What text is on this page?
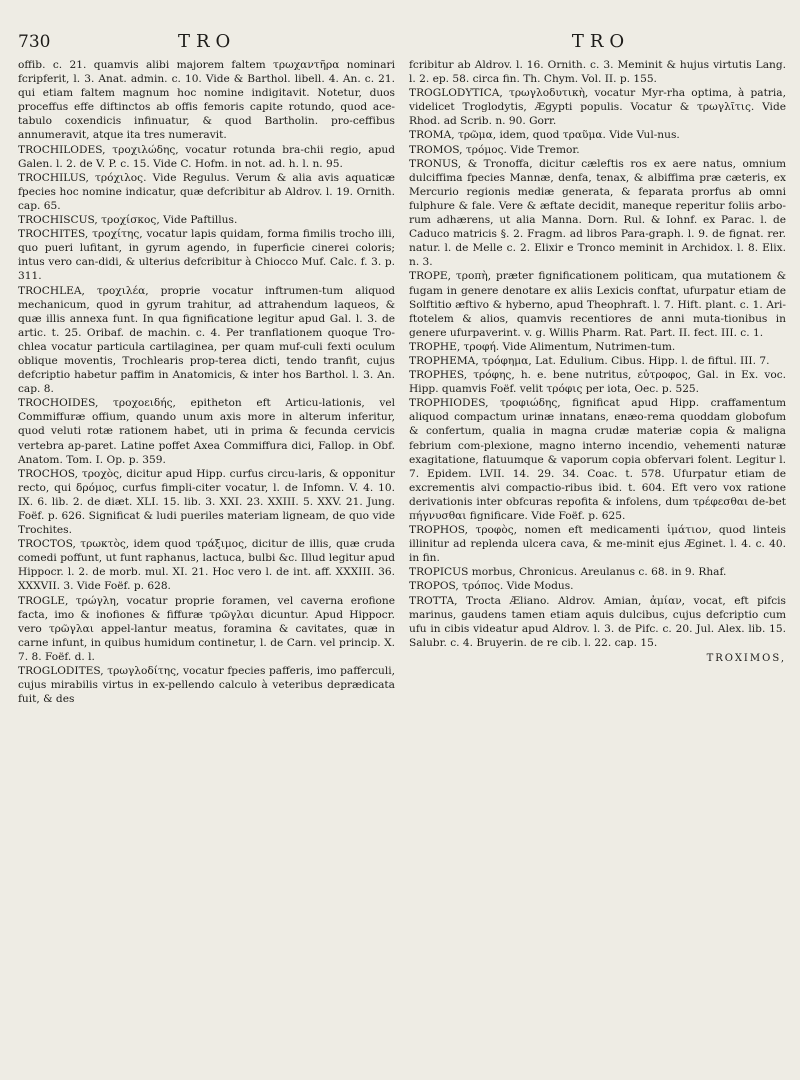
730	TRO	TRO

offib. c. 21. quamvis alibi majorem faltem τρωχαντῆρα nominari fcripferit, l. 3. Anat. admin. c. 10. Vide & Barthol. libell. 4. An. c. 21. qui etiam faltem magnum hoc nomine indigitavit. Notetur, duos proceffus effe diftinctos ab offis femoris capite rotundo, quod ace-tabulo coxendicis infinuatur, & quod Bartholin. pro-ceffibus annumeravit, atque ita tres numeravit.

TROCHILODES, τροχιλώδης, vocatur rotunda bra-chii regio, apud Galen. l. 2. de V. P. c. 15. Vide C. Hofm. in not. ad. h. l. n. 95.

TROCHILUS, τρόχιλος. Vide Regulus. Verum & alia avis aquaticæ fpecies hoc nomine indicatur, quæ defcribitur ab Aldrov. l. 19. Ornith. cap. 65.

TROCHISCUS, τροχίσκος, Vide Paftillus.

TROCHITES, τροχίτης, vocatur lapis quidam, forma fimilis trocho illi, quo pueri lufitant, in gyrum agendo, in fuperficie cinerei coloris; intus vero can-didi, & ulterius defcribitur à Chiocco Muf. Calc. f. 3. p. 311.

TROCHLEA, τροχιλέα, proprie vocatur inftrumen-tum aliquod mechanicum, quod in gyrum trahitur, ad attrahendum laqueos, & quæ illis annexa funt. In qua fignificatione legitur apud Gal. l. 3. de artic. t. 25. Oribaf. de machin. c. 4. Per tranflationem quoque Tro-chlea vocatur particula cartilaginea, per quam muf-culi fexti oculum oblique moventis, Trochlearis prop-terea dicti, tendo tranfit, cujus defcriptio habetur paffim in Anatomicis, & inter hos Barthol. l. 3. An. cap. 8.

TROCHOIDES, τροχοειδής, epitheton eft Articu-lationis, vel Commiffuræ offium, quando unum axis more in alterum inferitur, quod veluti rotæ rationem habet, uti in prima & fecunda cervicis vertebra ap-paret. Latine poffet Axea Commiffura dici, Fallop. in Obf. Anatom. Tom. I. Op. p. 359.

TROCHOS, τροχὸς, dicitur apud Hipp. curfus circu-laris, & opponitur recto, qui δρόμος, curfus fimpli-citer vocatur, l. de Infomn. V. 4. 10. IX. 6. lib. 2. de diæt. XLI. 15. lib. 3. XXI. 23. XXIII. 5. XXV. 21. Jung. Foëf. p. 626. Significat & ludi pueriles materiam ligneam, de quo vide Trochites.

TROCTOS, τρωκτὸς, idem quod τράξιμος, dicitur de illis, quæ cruda comedi poffunt, ut funt raphanus, lactuca, bulbi &c. Illud legitur apud Hippocr. l. 2. de morb. mul. XI. 21. Hoc vero l. de int. aff. XXXIII. 36. XXXVII. 3. Vide Foëf. p. 628.

TROGLE, τρώγλη, vocatur proprie foramen, vel caverna erofione facta, imo & inofiones & fiffuræ τρῶγλαι dicuntur. Apud Hippocr. vero τρῶγλαι appel-lantur meatus, foramina & cavitates, quæ in carne infunt, in quibus humidum continetur, l. de Carn. vel princip. X. 7. 8. Foëf. d. l.

TROGLODITES, τρωγλοδίτης, vocatur fpecies pafferis, imo pafferculi, cujus mirabilis virtus in ex-pellendo calculo à veteribus deprædicata fuit, & des

fcribitur ab Aldrov. l. 16. Ornith. c. 3. Meminit & hujus virtutis Lang. l. 2. ep. 58. circa fin. Th. Chym. Vol. II. p. 155.

TROGLODYTICA, τρωγλοδυτικὴ, vocatur Myr-rha optima, à patria, videlicet Troglodytis, Ægypti populis. Vocatur & τρωγλῖτις. Vide Rhod. ad Scrib. n. 90. Gorr.

TROMA, τρῶμα, idem, quod τραῦμα. Vide Vul-nus.

TROMOS, τρόμος. Vide Tremor.

TRONUS, & Tronoffa, dicitur cæleftis ros ex aere natus, omnium dulciffima fpecies Mannæ, denfa, tenax, & albiffima præ cæteris, ex Mercurio regionis mediæ generata, & feparata prorfus ab omni fulphure & fale. Vere & æftate decidit, maneque reperitur foliis arbo-rum adhærens, ut alia Manna. Dorn. Rul. & Iohnf. ex Parac. l. de Caduco matricis §. 2. Fragm. ad libros Para-graph. l. 9. de fignat. rer. natur. l. de Melle c. 2. Elixir e Tronco meminit in Archidox. l. 8. Elix. n. 3.

TROPE, τροπὴ, præter fignificationem politicam, qua mutationem & fugam in genere denotare ex aliis Lexicis conftat, ufurpatur etiam de Solftitio æftivo & hyberno, apud Theophraft. l. 7. Hift. plant. c. 1. Ari-ftotelem & alios, quamvis recentiores de anni muta-tionibus in genere ufurpaverint. v. g. Willis Pharm. Rat. Part. II. fect. III. c. 1.

TROPHE, τροφή. Vide Alimentum, Nutrimen-tum.

TROPHEMA, τρόφημα, Lat. Edulium. Cibus. Hipp. l. de fiftul. III. 7.

TROPHES, τρόφης, h. e. bene nutritus, εὐτροφος, Gal. in Ex. voc. Hipp. quamvis Foëf. velit τρόφις per iota, Oec. p. 525.

TROPHIODES, τροφιώδης, fignificat apud Hipp. craffamentum aliquod compactum urinæ innatans, enæo-rema quoddam globofum & confertum, qualia in magna crudæ materiæ copia & maligna febrium com-plexione, magno interno incendio, vehementi naturæ exagitatione, flatuumque & vaporum copia obfervari folent. Legitur l. 7. Epidem. LVII. 14. 29. 34. Coac. t. 578. Ufurpatur etiam de excrementis alvi compactio-ribus ibid. t. 604. Eft vero vox ratione derivationis inter obfcuras repofita & infolens, dum τρέφεσθαι de-bet πήγνυσθαι fignificare. Vide Foëf. p. 625.

TROPHOS, τροφὸς, nomen eft medicamenti ἱμάτιον, quod linteis illinitur ad replenda ulcera cava, & me-minit ejus Æginet. l. 4. c. 40. in fin.

TROPICUS morbus, Chronicus. Areulanus c. 68. in 9. Rhaf.

TROPOS, τρόπος. Vide Modus.

TROTTA, Trocta Æliano. Aldrov. Amian, ἀμίαν, vocat, eft pifcis marinus, gaudens tamen etiam aquis dulcibus, cujus defcriptio cum ufu in cibis videatur apud Aldrov. l. 3. de Pifc. c. 20. Jul. Alex. lib. 15. Salubr. c. 4. Bruyerin. de re cib. l. 22. cap. 15.

TROXIMOS,
